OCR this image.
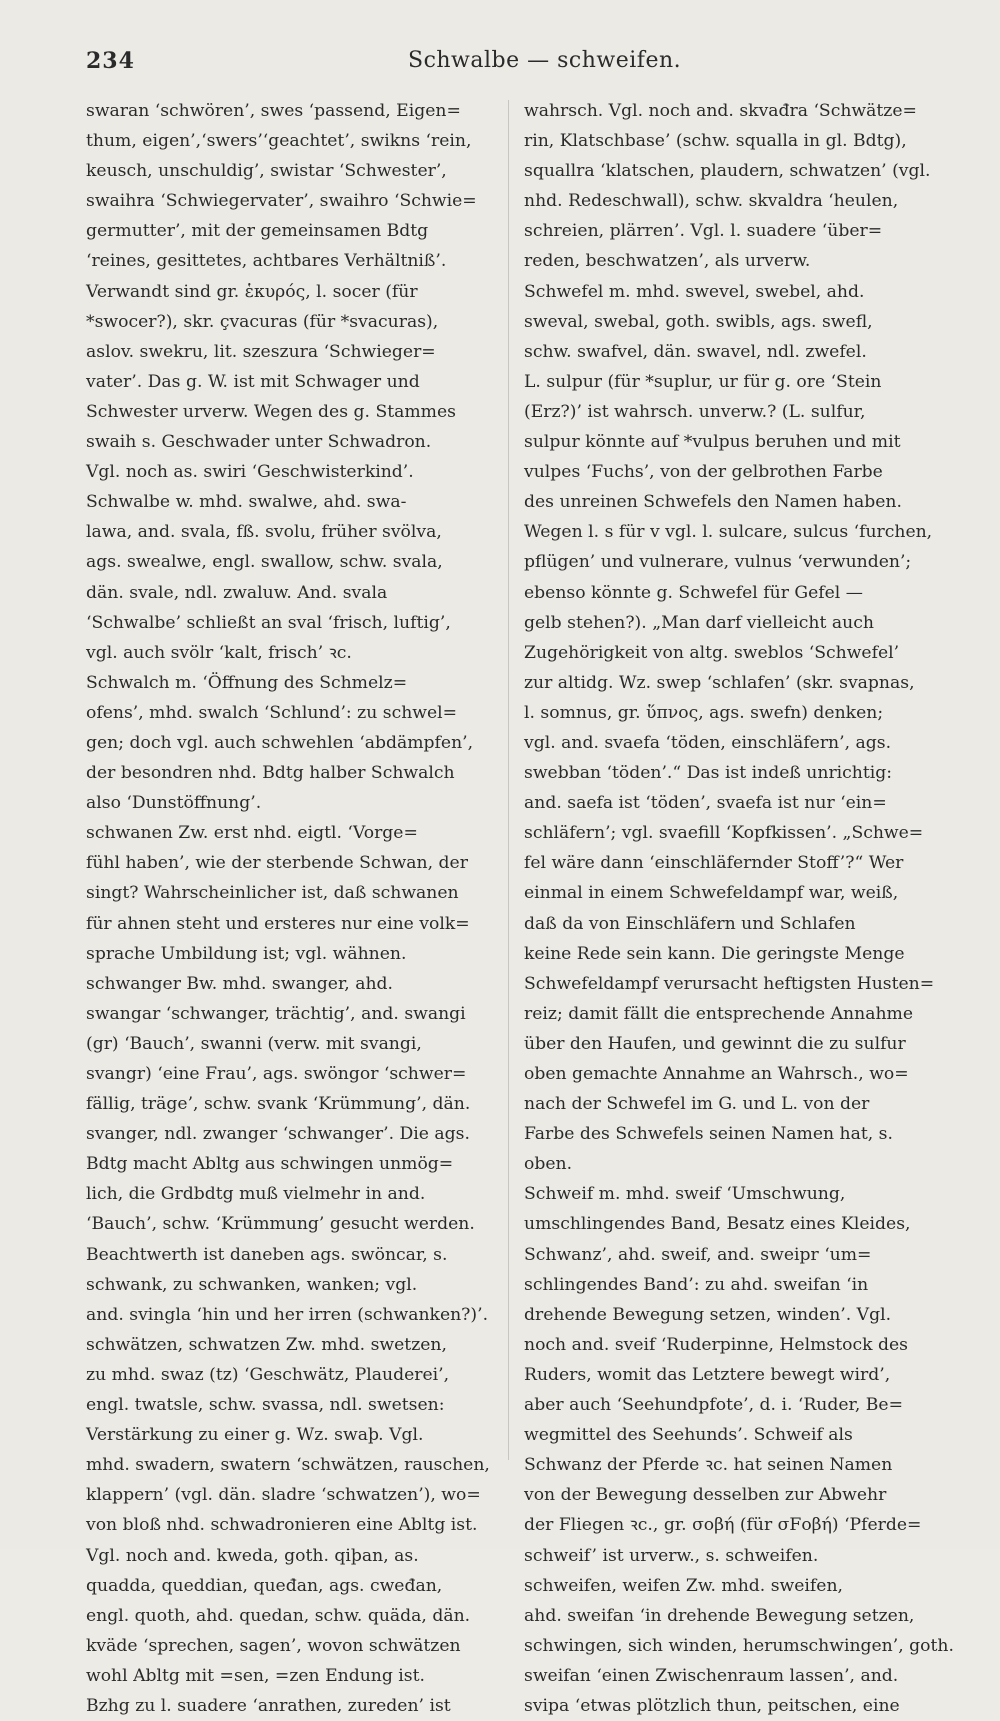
234	Schwalbe — schweifen.
swaran ‘schwören’, swes ‘passend, Eigen=
thum, eigen’,‘swers’‘geachtet’, swikns ‘rein,
keusch, unschuldig’, swistar ‘Schwester’,
swaihra ‘Schwiegervater’, swaihro ‘Schwie=
germutter’, mit der gemeinsamen Bdtg
‘reines, gesittetes, achtbares Verhältniß’.
Verwandt sind gr. ἑκυρός, l. socer (für
*swocer?), skr. çvacuras (für *svacuras),
aslov. swekru, lit. szeszura ‘Schwieger=
vater’. Das g. W. ist mit Schwager und
Schwester urverw. Wegen des g. Stammes
swaih s. Geschwader unter Schwadron.
Vgl. noch as. swiri ‘Geschwisterkind’.
Schwalbe w. mhd. swalwe, ahd. swa-
lawa, and. svala, fß. svolu, früher svölva,
ags. swealwe, engl. swallow, schw. svala,
dän. svale, ndl. zwaluw. And. svala
‘Schwalbe’ schließt an sval ‘frisch, luftig’,
vgl. auch svölr ‘kalt, frisch’ ꝛc.
Schwalch m. ‘Öffnung des Schmelz=
ofens’, mhd. swalch ‘Schlund’: zu schwel=
gen; doch vgl. auch schwehlen ‘abdämpfen’,
der besondren nhd. Bdtg halber Schwalch
also ‘Dunstöffnung’.
schwanen Zw. erst nhd. eigtl. ‘Vorge=
fühl haben’, wie der sterbende Schwan, der
singt? Wahrscheinlicher ist, daß schwanen
für ahnen steht und ersteres nur eine volk=
sprache Umbildung ist; vgl. wähnen.
schwanger Bw. mhd. swanger, ahd.
swangar ‘schwanger, trächtig’, and. swangi
(gr) ‘Bauch’, swanni (verw. mit svangi,
svangr) ‘eine Frau’, ags. swöngor ‘schwer=
fällig, träge’, schw. svank ‘Krümmung’, dän.
svanger, ndl. zwanger ‘schwanger’. Die ags.
Bdtg macht Abltg aus schwingen unmög=
lich, die Grdbdtg muß vielmehr in and.
‘Bauch’, schw. ‘Krümmung’ gesucht werden.
Beachtwerth ist daneben ags. swöncar, s.
schwank, zu schwanken, wanken; vgl.
and. svingla ‘hin und her irren (schwanken?)’.
schwätzen, schwatzen Zw. mhd. swetzen,
zu mhd. swaz (tz) ‘Geschwätz, Plauderei’,
engl. twatsle, schw. svassa, ndl. swetsen:
Verstärkung zu einer g. Wz. swaþ. Vgl.
mhd. swadern, swatern ‘schwätzen, rauschen,
klappern’ (vgl. dän. sladre ‘schwatzen’), wo=
von bloß nhd. schwadronieren eine Abltg ist.
Vgl. noch and. kweda, goth. qiþan, as.
quadda, queddian, queđan, ags. cweđan,
engl. quoth, ahd. quedan, schw. quäda, dän.
kväde ‘sprechen, sagen’, wovon schwätzen
wohl Abltg mit =sen, =zen Endung ist.
Bzhg zu l. suadere ‘anrathen, zureden’ ist
wahrsch. Vgl. noch and. skvađra ‘Schwätze=
rin, Klatschbase’ (schw. squalla in gl. Bdtg),
squallra ‘klatschen, plaudern, schwatzen’ (vgl.
nhd. Redeschwall), schw. skvaldra ‘heulen,
schreien, plärren’. Vgl. l. suadere ‘über=
reden, beschwatzen’, als urverw.
Schwefel m. mhd. swevel, swebel, ahd.
sweval, swebal, goth. swibls, ags. swefl,
schw. swafvel, dän. swavel, ndl. zwefel.
L. sulpur (für *suplur, ur für g. ore ‘Stein
(Erz?)’ ist wahrsch. unverw.? (L. sulfur,
sulpur könnte auf *vulpus beruhen und mit
vulpes ‘Fuchs’, von der gelbrothen Farbe
des unreinen Schwefels den Namen haben.
Wegen l. s für v vgl. l. sulcare, sulcus ‘furchen,
pflügen’ und vulnerare, vulnus ‘verwunden’;
ebenso könnte g. Schwefel für Gefel —
gelb stehen?). „Man darf vielleicht auch
Zugehörigkeit von altg. sweblos ‘Schwefel’
zur altidg. Wz. swep ‘schlafen’ (skr. svapnas,
l. somnus, gr. ὕπνος, ags. swefn) denken;
vgl. and. svaefa ‘töden, einschläfern’, ags.
swebban ‘töden’.“ Das ist indeß unrichtig:
and. saefa ist ‘töden’, svaefa ist nur ‘ein=
schläfern’; vgl. svaefill ‘Kopfkissen’. „Schwe=
fel wäre dann ‘einschläfernder Stoff’?“ Wer
einmal in einem Schwefeldampf war, weiß,
daß da von Einschläfern und Schlafen
keine Rede sein kann. Die geringste Menge
Schwefeldampf verursacht heftigsten Husten=
reiz; damit fällt die entsprechende Annahme
über den Haufen, und gewinnt die zu sulfur
oben gemachte Annahme an Wahrsch., wo=
nach der Schwefel im G. und L. von der
Farbe des Schwefels seinen Namen hat, s.
oben.
Schweif m. mhd. sweif ‘Umschwung,
umschlingendes Band, Besatz eines Kleides,
Schwanz’, ahd. sweif, and. sweipr ‘um=
schlingendes Band’: zu ahd. sweifan ‘in
drehende Bewegung setzen, winden’. Vgl.
noch and. sveif ‘Ruderpinne, Helmstock des
Ruders, womit das Letztere bewegt wird’,
aber auch ‘Seehundpfote’, d. i. ‘Ruder, Be=
wegmittel des Seehunds’. Schweif als
Schwanz der Pferde ꝛc. hat seinen Namen
von der Bewegung desselben zur Abwehr
der Fliegen ꝛc., gr. σοβή (für σFοβή) ‘Pferde=
schweif’ ist urverw., s. schweifen.
schweifen, weifen Zw. mhd. sweifen,
ahd. sweifan ‘in drehende Bewegung setzen,
schwingen, sich winden, herumschwingen’, goth.
sweifan ‘einen Zwischenraum lassen’, and.
svipa ‘etwas plötzlich thun, peitschen, eine
